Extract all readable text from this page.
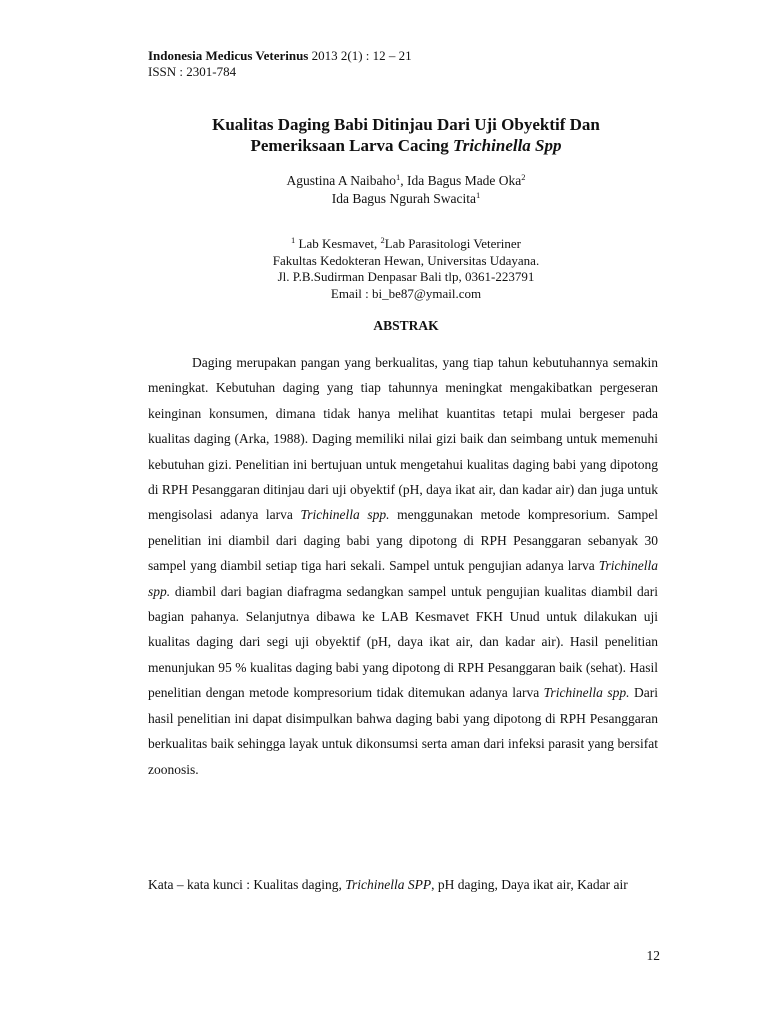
Indonesia Medicus Veterinus 2013 2(1) : 12 – 21
ISSN : 2301-784
Kualitas Daging Babi Ditinjau Dari Uji Obyektif Dan
Pemeriksaan Larva Cacing Trichinella Spp
Agustina A Naibaho$^1$, Ida Bagus Made Oka$^2$
Ida Bagus Ngurah Swacita$^1$
$^1$ Lab Kesmavet, $^2$Lab Parasitologi Veteriner
Fakultas Kedokteran Hewan, Universitas Udayana.
Jl. P.B.Sudirman Denpasar Bali tlp, 0361-223791
Email : bi_be87@ymail.com
ABSTRAK

Daging merupakan pangan yang berkualitas, yang tiap tahun kebutuhannya semakin meningkat. Kebutuhan daging yang tiap tahunnya meningkat mengakibatkan pergeseran keinginan konsumen, dimana tidak hanya melihat kuantitas tetapi mulai bergeser pada kualitas daging (Arka, 1988). Daging memiliki nilai gizi baik dan seimbang untuk memenuhi kebutuhan gizi. Penelitian ini bertujuan untuk mengetahui kualitas daging babi yang dipotong di RPH Pesanggaran ditinjau dari uji obyektif (pH, daya ikat air, dan kadar air) dan juga untuk mengisolasi adanya larva Trichinella spp. menggunakan metode kompresorium. Sampel penelitian ini diambil dari daging babi yang dipotong di RPH Pesanggaran sebanyak 30 sampel yang diambil setiap tiga hari sekali. Sampel untuk pengujian adanya larva Trichinella spp. diambil dari bagian diafragma sedangkan sampel untuk pengujian kualitas diambil dari bagian pahanya. Selanjutnya dibawa ke LAB Kesmavet FKH Unud untuk dilakukan uji kualitas daging dari segi uji obyektif (pH, daya ikat air, dan kadar air). Hasil penelitian menunjukan 95 % kualitas daging babi yang dipotong di RPH Pesanggaran baik (sehat). Hasil penelitian dengan metode kompresorium tidak ditemukan adanya larva Trichinella spp. Dari hasil penelitian ini dapat disimpulkan bahwa daging babi yang dipotong di RPH Pesanggaran berkualitas baik sehingga layak untuk dikonsumsi serta aman dari infeksi parasit yang bersifat zoonosis.

Kata – kata kunci : Kualitas daging, Trichinella SPP, pH daging, Daya ikat air, Kadar air
12
